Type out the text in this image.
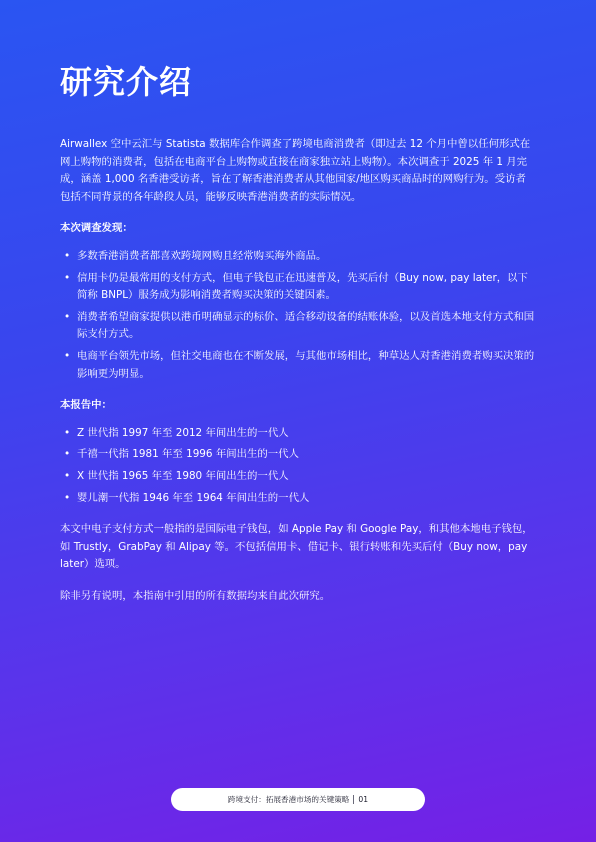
研究介绍

Airwallex 空中云汇与 Statista 数据库合作调查了跨境电商消费者（即过去 12 个月中曾以任何形式在网上购物的消费者，包括在电商平台上购物或直接在商家独立站上购物）。本次调查于 2025 年 1 月完成，涵盖 1,000 名香港受访者，旨在了解香港消费者从其他国家/地区购买商品时的网购行为。受访者包括不同背景的各年龄段人员，能够反映香港消费者的实际情况。

本次调查发现：

• 多数香港消费者都喜欢跨境网购且经常购买海外商品。
• 信用卡仍是最常用的支付方式，但电子钱包正在迅速普及，先买后付（Buy now, pay later，以下简称 BNPL）服务成为影响消费者购买决策的关键因素。
• 消费者希望商家提供以港币明确显示的标价、适合移动设备的结账体验，以及首选本地支付方式和国际支付方式。
• 电商平台领先市场，但社交电商也在不断发展，与其他市场相比，种草达人对香港消费者购买决策的影响更为明显。

本报告中：

• Z 世代指 1997 年至 2012 年间出生的一代人
• 千禧一代指 1981 年至 1996 年间出生的一代人
• X 世代指 1965 年至 1980 年间出生的一代人
• 婴儿潮一代指 1946 年至 1964 年间出生的一代人

本文中电子支付方式一般指的是国际电子钱包，如 Apple Pay 和 Google Pay，和其他本地电子钱包，如 Trustly，GrabPay 和 Alipay 等。不包括信用卡、借记卡、银行转账和先买后付（Buy now，pay later）选项。

除非另有说明，本指南中引用的所有数据均来自此次研究。

跨境支付：拓展香港市场的关键策略 01
